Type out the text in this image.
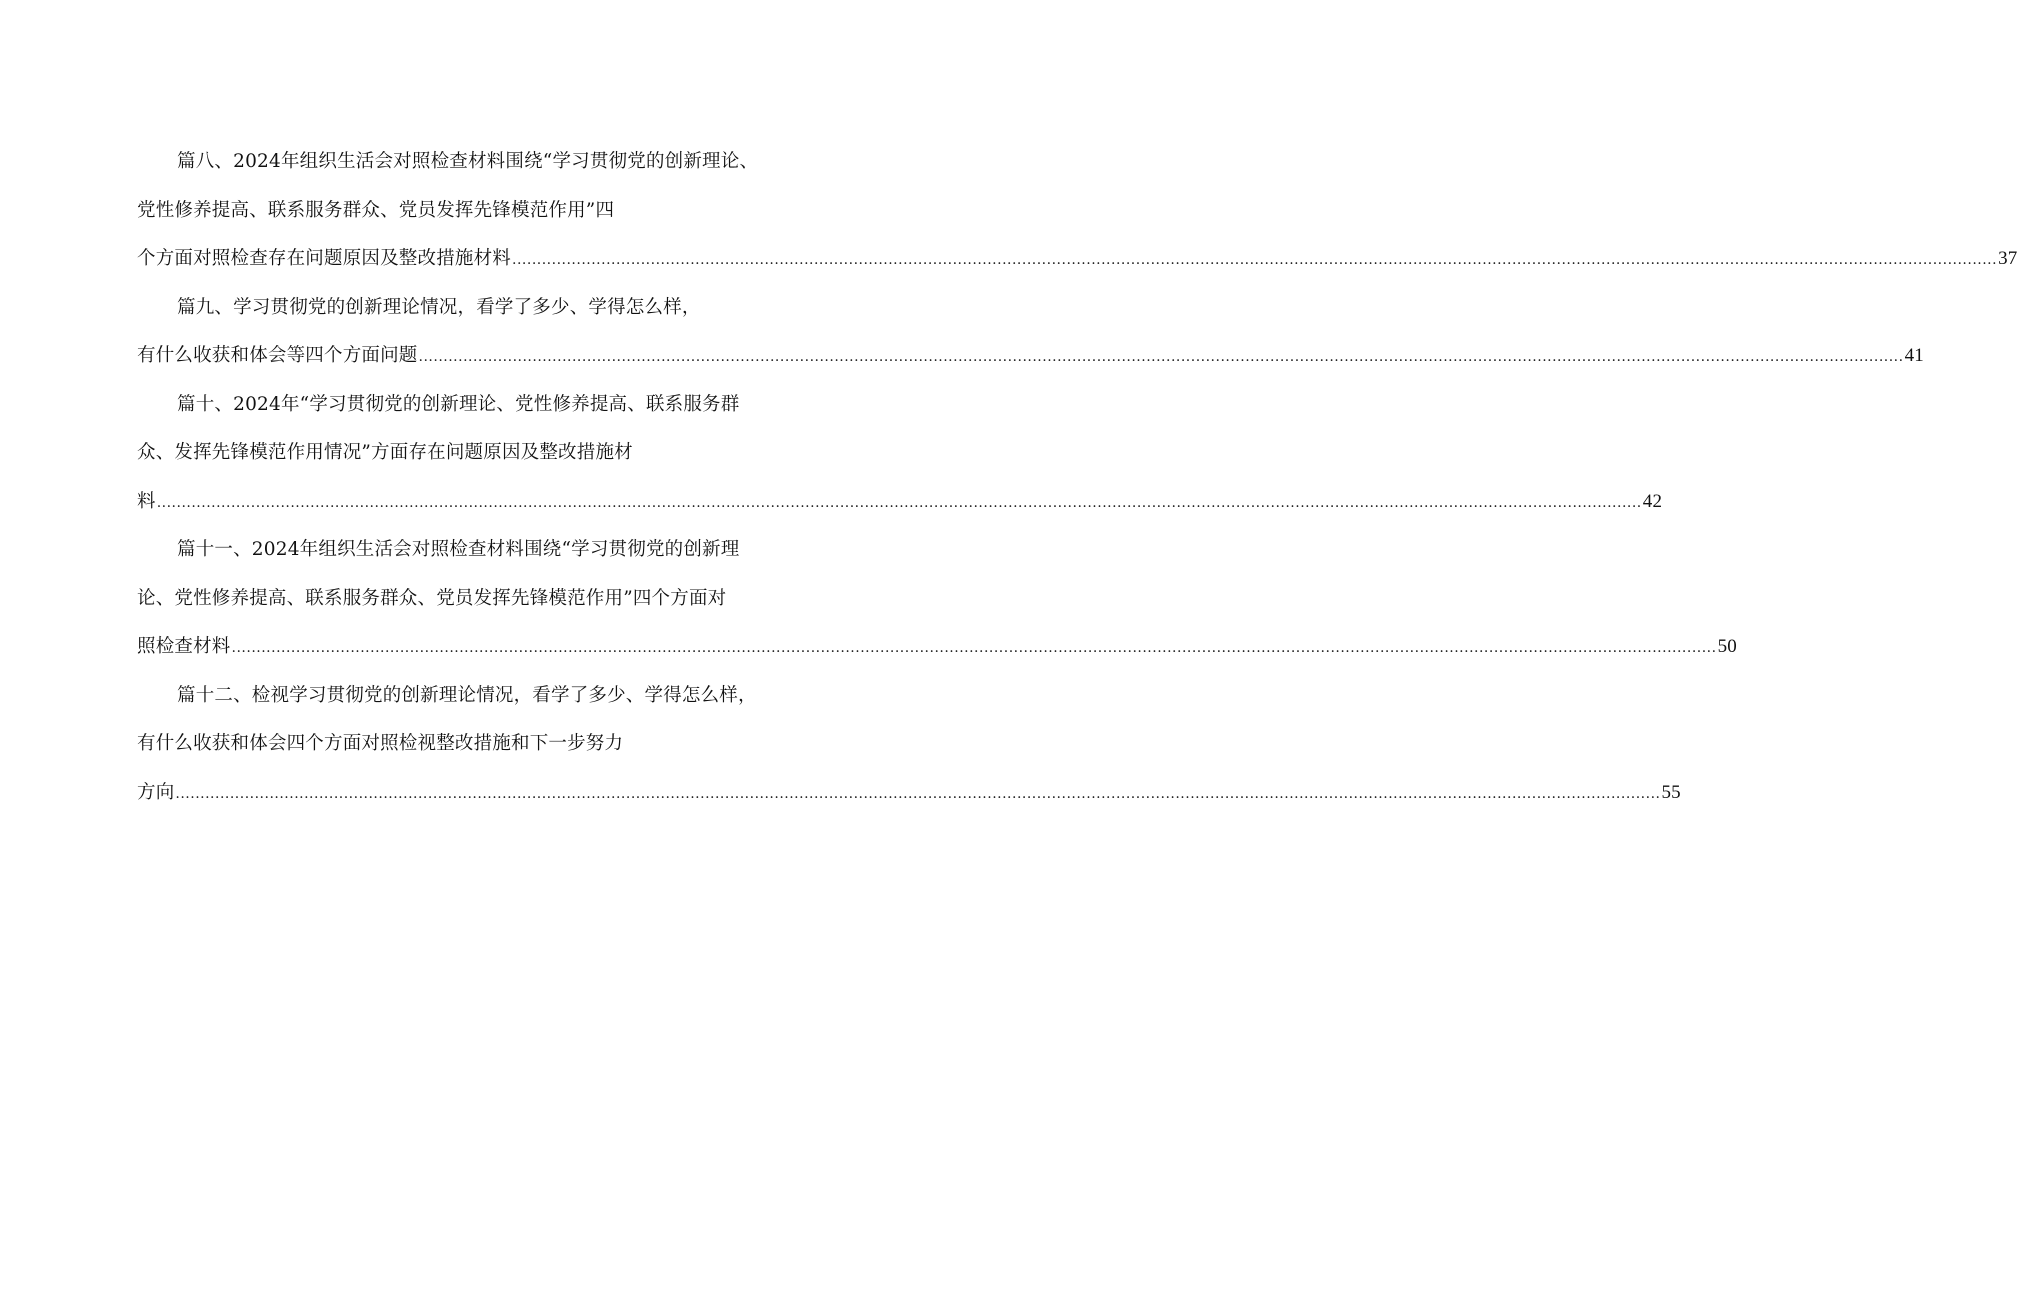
篇八、2024年组织生活会对照检查材料围绕“学习贯彻党的创新理论、
党性修养提高、联系服务群众、党员发挥先锋模范作用”四
个方面对照检查存在问题原因及整改措施材料 ............................................................................................................................................................................................................................................................................................................ 37
篇九、学习贯彻党的创新理论情况，看学了多少、学得怎么样，
有什么收获和体会等四个方面问题 ............................................................................................................................................................................................................................................................................................................ 41
篇十、2024年“学习贯彻党的创新理论、党性修养提高、联系服务群
众、发挥先锋模范作用情况”方面存在问题原因及整改措施材
料 ............................................................................................................................................................................................................................................................................................................ 42
篇十一、2024年组织生活会对照检查材料围绕“学习贯彻党的创新理
论、党性修养提高、联系服务群众、党员发挥先锋模范作用”四个方面对
照检查材料 ............................................................................................................................................................................................................................................................................................................ 50
篇十二、检视学习贯彻党的创新理论情况，看学了多少、学得怎么样，
有什么收获和体会四个方面对照检视整改措施和下一步努力
方向 ............................................................................................................................................................................................................................................................................................................ 55
